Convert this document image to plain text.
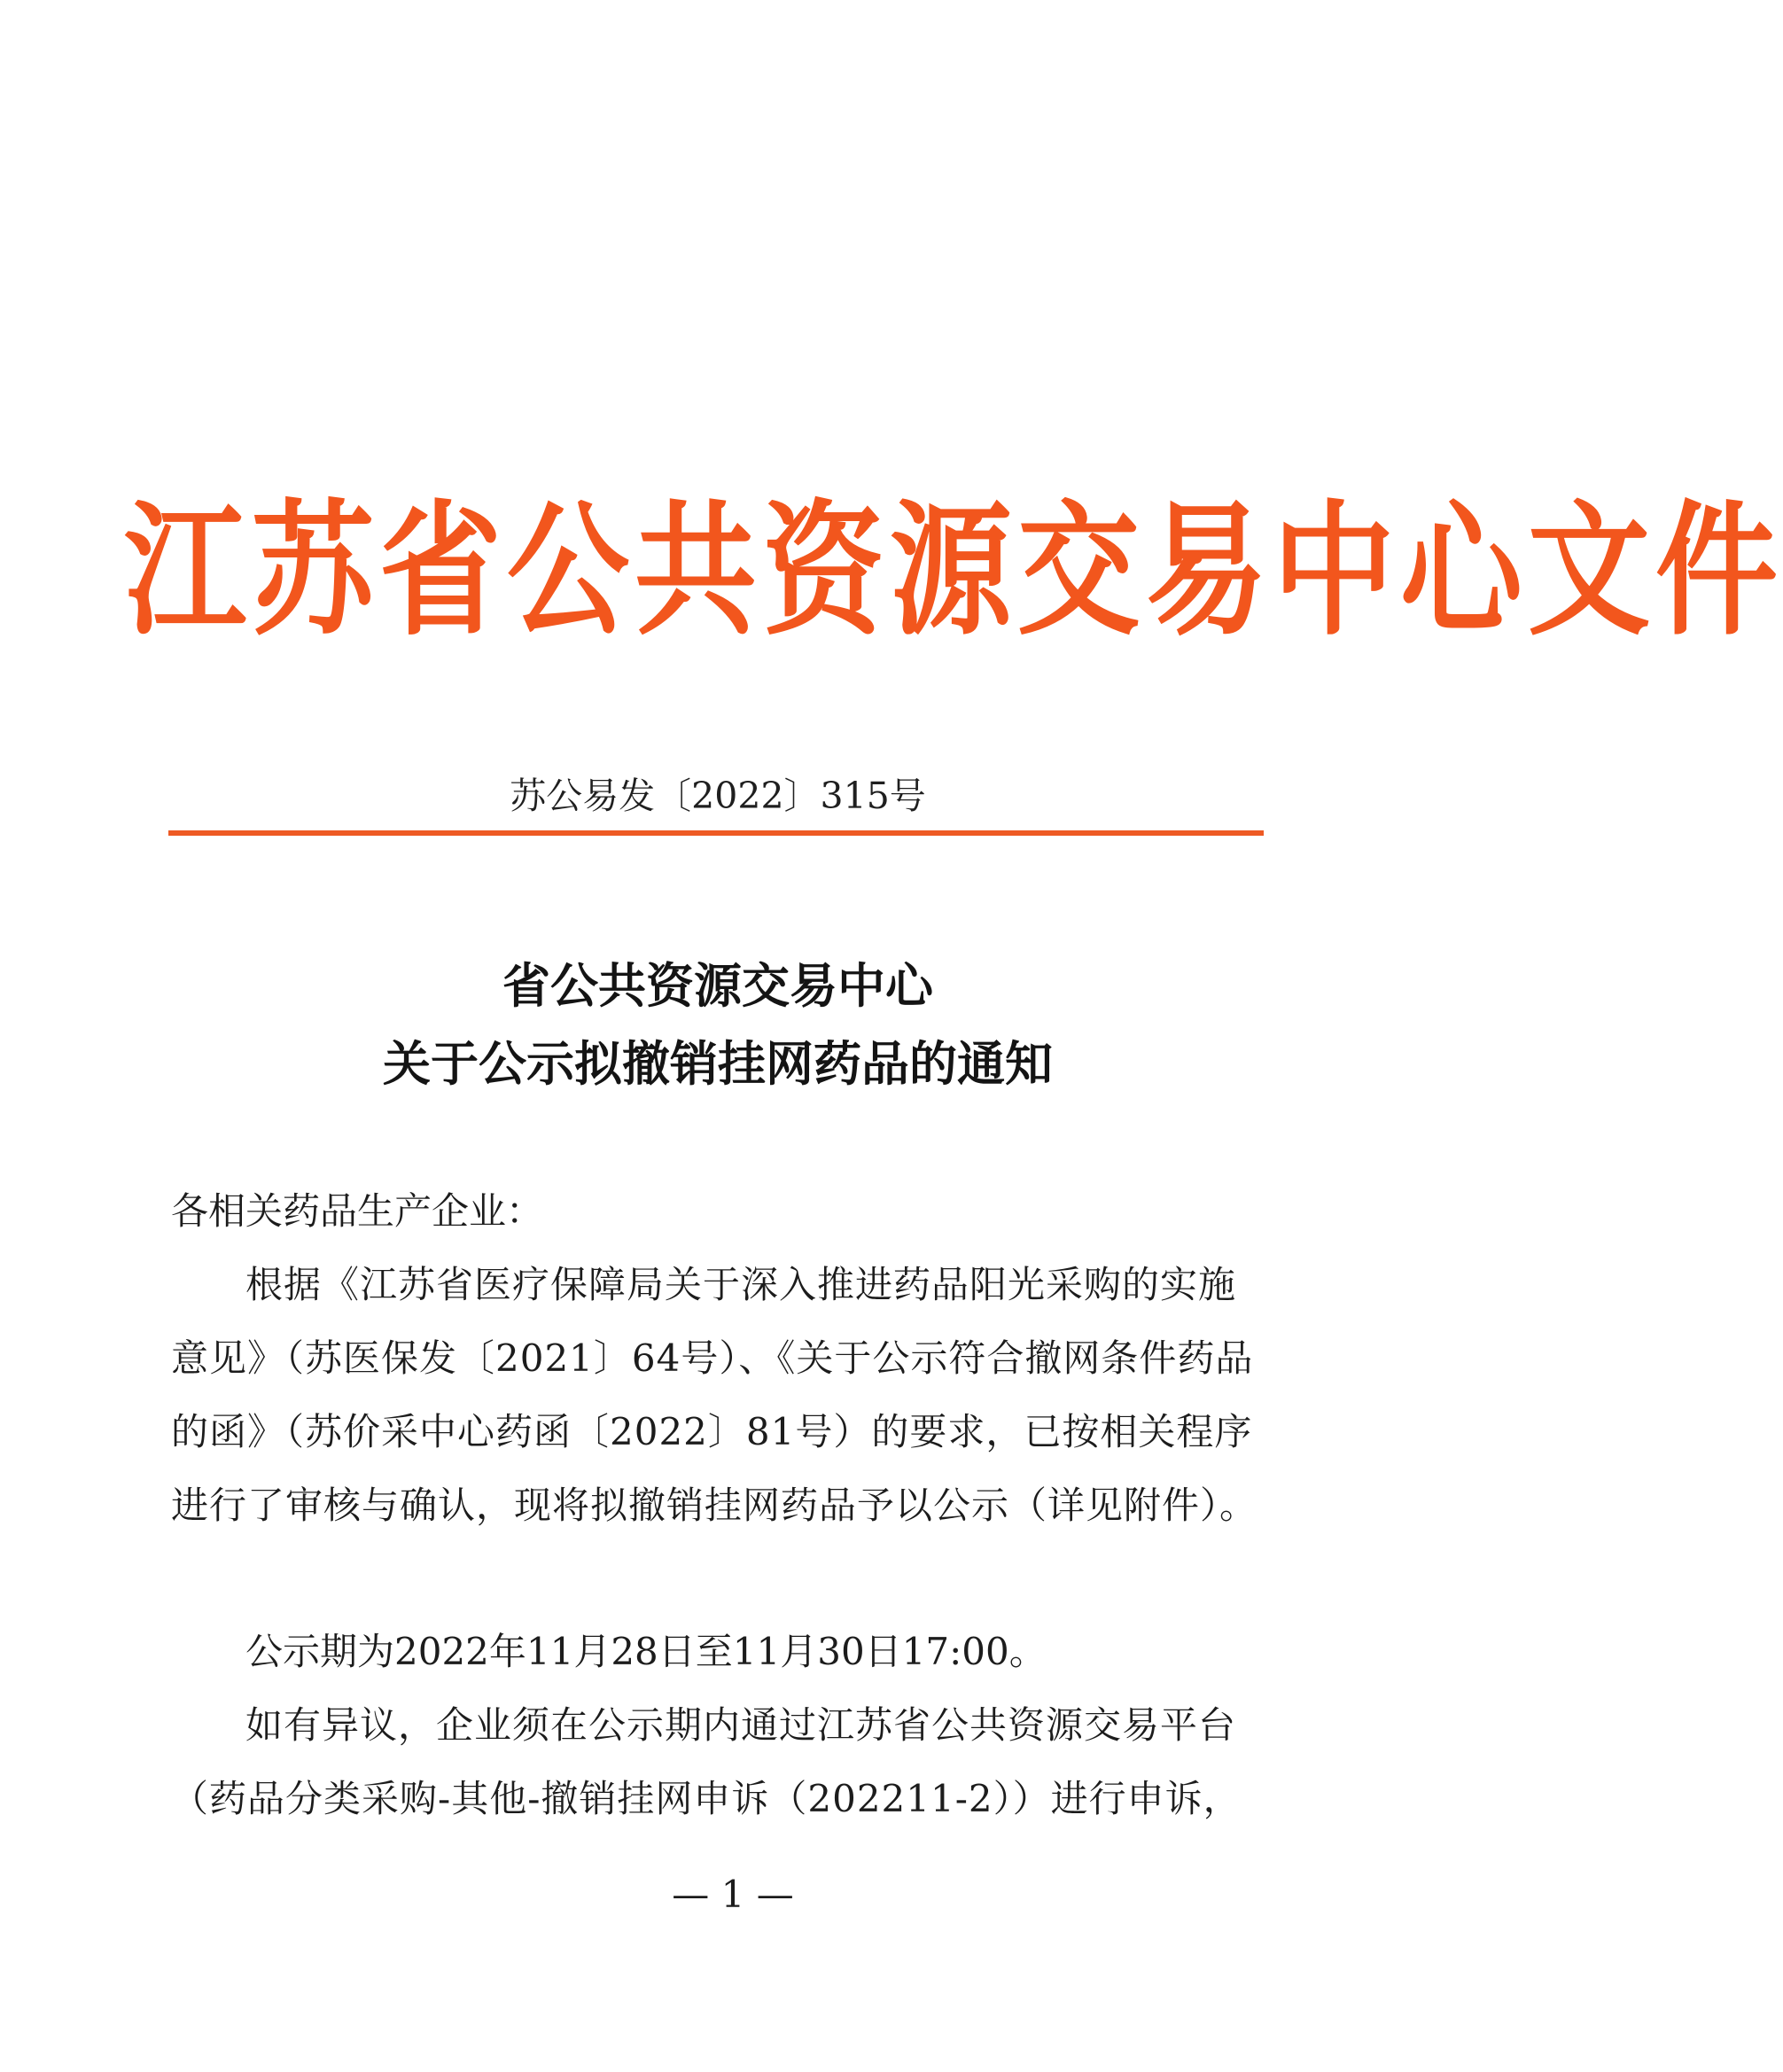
江苏省公共资源交易中心文件
苏公易发〔2022〕315号
省公共资源交易中心
关于公示拟撤销挂网药品的通知
各相关药品生产企业：
根据《江苏省医疗保障局关于深入推进药品阳光采购的实施意见》（苏医保发〔2021〕64号）、《关于公示符合撤网条件药品的函》（苏价采中心药函〔2022〕81号）的要求，已按相关程序进行了审核与确认，现将拟撤销挂网药品予以公示（详见附件）。
公示期为2022年11月28日至11月30日17:00。
如有异议，企业须在公示期内通过江苏省公共资源交易平台（药品分类采购-其他-撤销挂网申诉（202211-2））进行申诉，
— 1 —
